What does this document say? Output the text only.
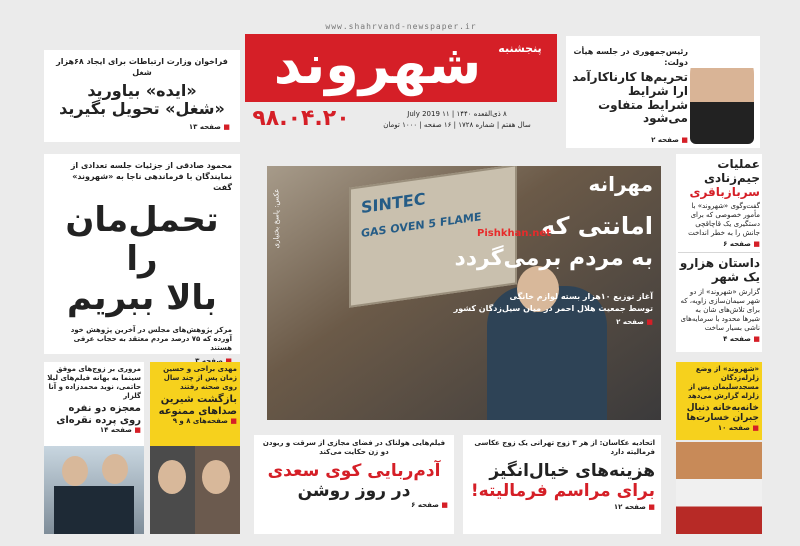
www.shahrvand-newspaper.ir
شهروند	پنجشنبه
۹۸.۰۴.۲۰	۸ ذی‌القعده ۱۴۴۰ | ۱۱ July 2019
سال هفتم | شماره ۱۷۲۸ | ۱۶ صفحه | ۱۰۰۰ تومان
فراخوان وزارت ارتباطات برای ایجاد ۶۸هزار شغل
«ایده» بیاورید
«شغل» تحویل بگیرید
■ صفحه ۱۳
رئیس‌جمهوری در جلسه هیأت دولت:
تحریم‌ها کارنا‌کارآمد ارا شرایط
شرایط متفاوت می‌شود
■ صفحه ۲
محمود صادقی از جزئیات جلسه تعدادی از نمایندگان با فرماندهی ناجا به «شهروند» گفت
تحمل‌مان را
بالا ببریم
مرکز پژوهش‌های مجلس در آخرین پژوهش خود آورده که ۷۵ درصد مردم معتقد به حجاب عرفی هستند
■
SINTEC
GAS OVEN 5 FLAME
مهرانه
امانتی که
به مردم برمی‌گردد
Pishkhan.net
آغاز توزیع ۱۰هزار بسته لوازم خانگی
توسط جمعیت هلال احمر در میان سیل‌زدگان کشور
■ صفحه ۲
عکس: پاسخ بختیاری
عملیات جیم‌زنادی
سربازباقری
گفت‌وگوی «شهروند» با مأمور خصوصی که برای دستگیری یک قاچاقچی جانش را به خطر انداخت
■ صفحه ۶
داستان هزارو یک شهر
گزارش «شهروند» از دو شهر سیمان‌سازی زاویه، که برای تلاش‌های شان به شیرها محدود با سرمایه‌های ناشی بسیار ساخت
■ صفحه ۴
«شهروند» از وضع زلزله‌زدگان مسجدسلیمان پس از زلزله گزارش می‌دهد
خانه‌به‌خانه دنبال
جبران خسارت‌ها
■ صفحه ۱۰
اتحادیه عکاسان: از هر ۳ زوج تهرانی یک زوج عکاسی فرمالیته دارد
هزینه‌های خیال‌انگیز
برای مراسم فرمالیته!
■ صفحه ۱۲
فیلم‌هایی هولناک در فضای مجازی از سرقت و ربودن دو زن حکایت می‌کند
آدم‌ربایی کوی سعدی
در روز روشن
■ صفحه ۶
مهدی براحی و حسین زمان پس از چند سال روی صحنه رفتند
بازگشت شیرین
صداهای ممنوعه
■ صفحه‌های ۸ و ۹
مروری بر زوج‌های موفق سینما به بهانه فیلم‌های لیلا حاتمی، نوید محمدزاده و آنا گلزار
معجزه دو نفره
روی پرده نقره‌ای
■ صفحه ۱۴
